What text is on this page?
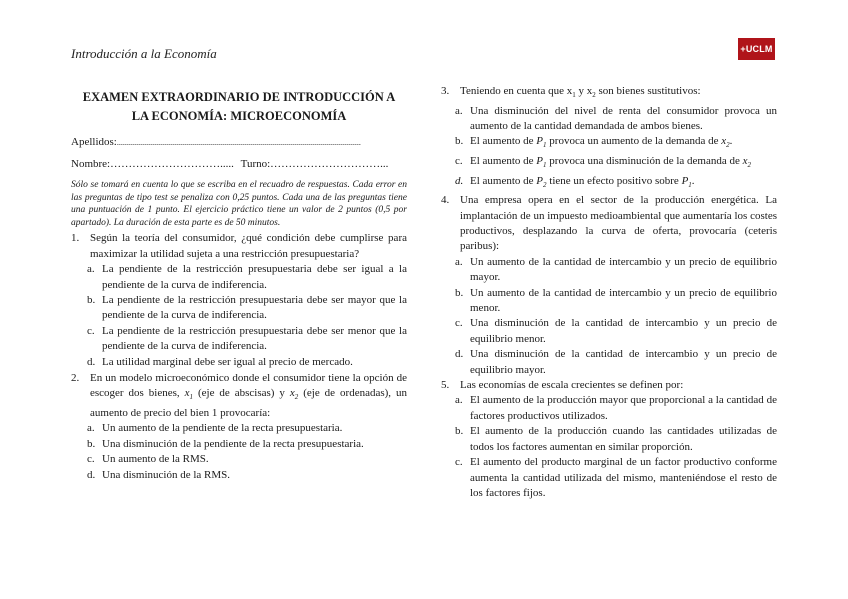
Introducción a la Economía	+UCLM
EXAMEN EXTRAORDINARIO DE INTRODUCCIÓN A
LA ECONOMÍA: MICROECONOMÍA
Apellidos:..........................................................................................................................
Nombre:…………………………..... Turno:…………………………...
Sólo se tomará en cuenta lo que se escriba en el recuadro de respuestas. Cada error en las preguntas de tipo test se penaliza con 0,25 puntos. Cada una de las preguntas tiene una puntuación de 1 punto. El ejercicio práctico tiene un valor de 2 puntos (0,5 por apartado). La duración de esta parte es de 50 minutos.
1. Según la teoría del consumidor, ¿qué condición debe cumplirse para maximizar la utilidad sujeta a una restricción presupuestaria?
a. La pendiente de la restricción presupuestaria debe ser igual a la pendiente de la curva de indiferencia.
b. La pendiente de la restricción presupuestaria debe ser mayor que la pendiente de la curva de indiferencia.
c. La pendiente de la restricción presupuestaria debe ser menor que la pendiente de la curva de indiferencia.
d. La utilidad marginal debe ser igual al precio de mercado.
2. En un modelo microeconómico donde el consumidor tiene la opción de escoger dos bienes, $x_1$ (eje de abscisas) y $x_2$ (eje de ordenadas), un aumento de precio del bien 1 provocaría:
a. Un aumento de la pendiente de la recta presupuestaria.
b. Una disminución de la pendiente de la recta presupuestaria.
c. Un aumento de la RMS.
d. Una disminución de la RMS.
3. Teniendo en cuenta que $x_1$ y $x_2$ son bienes sustitutivos:
a. Una disminución del nivel de renta del consumidor provoca un aumento de la cantidad demandada de ambos bienes.
b. El aumento de $P_1$ provoca un aumento de la demanda de $x_2$.
c. El aumento de $P_1$ provoca una disminución de la demanda de $x_2$
d. El aumento de $P_2$ tiene un efecto positivo sobre $P_1$.
4. Una empresa opera en el sector de la producción energética. La implantación de un impuesto medioambiental que aumentaría los costes productivos, desplazando la curva de oferta, provocaría (ceteris paribus):
a. Un aumento de la cantidad de intercambio y un precio de equilibrio mayor.
b. Un aumento de la cantidad de intercambio y un precio de equilibrio menor.
c. Una disminución de la cantidad de intercambio y un precio de equilibrio menor.
d. Una disminución de la cantidad de intercambio y un precio de equilibrio mayor.
5. Las economías de escala crecientes se definen por:
a. El aumento de la producción mayor que proporcional a la cantidad de factores productivos utilizados.
b. El aumento de la producción cuando las cantidades utilizadas de todos los factores aumentan en similar proporción.
c. El aumento del producto marginal de un factor productivo conforme aumenta la cantidad utilizada del mismo, manteniéndose el resto de los factores fijos.
